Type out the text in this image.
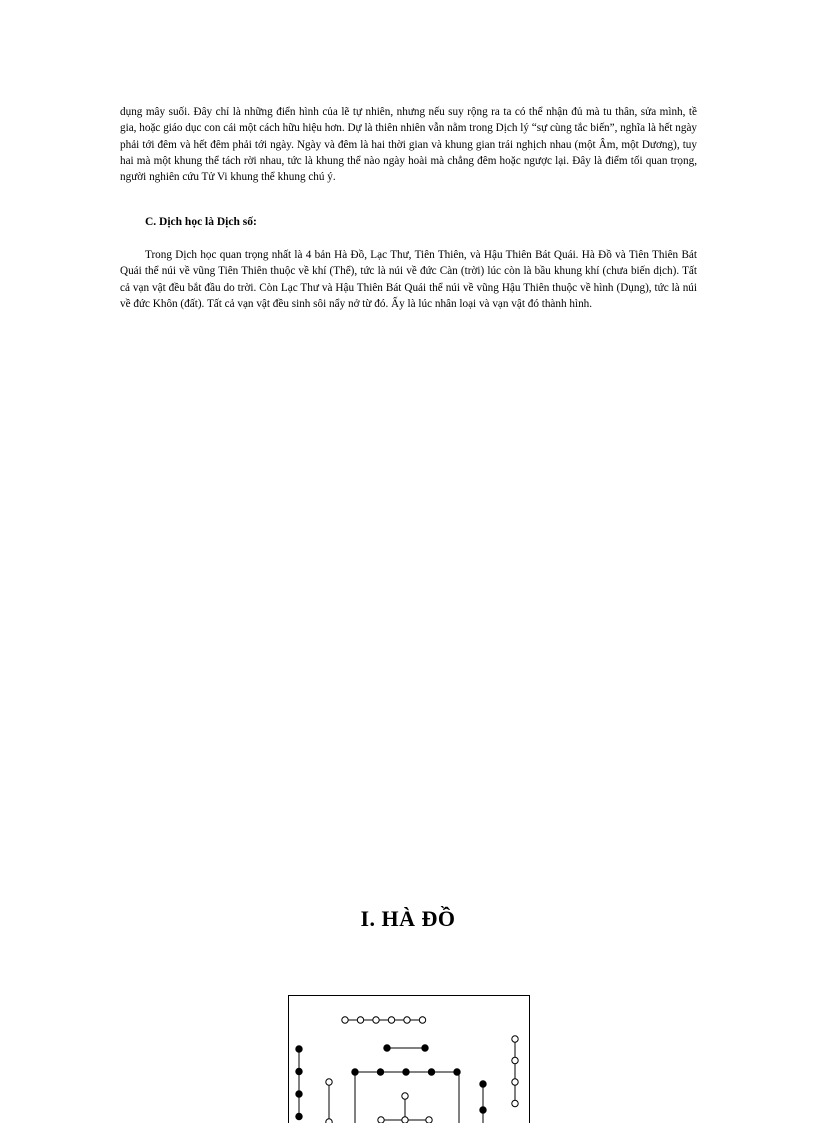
dụng mây suối. Đây chỉ là những điển hình của lẽ tự nhiên, nhưng nếu suy rộng ra ta có thể nhận đủ mà tu thân, sửa mình, tề gia, hoặc giáo dục con cái một cách hữu hiệu hơn. Dự là thiên nhiên vẫn nằm trong Dịch lý “sự cùng tắc biến”, nghĩa là hết ngày phải tới đêm và hết đêm phải tới ngày. Ngày và đêm là hai thời gian và khung gian trái nghịch nhau (một Âm, một Dương), tuy hai mà một khung thể tách rời nhau, tức là khung thể nào ngày hoài mà chẳng đêm hoặc ngược lại. Đây là điểm tối quan trọng, người nghiên cứu Tử Vi khung thể khung chú ý.

C. Dịch học là Dịch số:

Trong Dịch học quan trọng nhất là 4 bản Hà Đồ, Lạc Thư, Tiên Thiên, và Hậu Thiên Bát Quái. Hà Đồ và Tiên Thiên Bát Quái thể núi về vũng Tiên Thiên thuộc về khí (Thể), tức là núi về đức Càn (trời) lúc còn là bầu khung khí (chưa biến dịch). Tất cả vạn vật đều bắt đầu do trời. Còn Lạc Thư và Hậu Thiên Bát Quái thể núi về vũng Hậu Thiên thuộc về hình (Dụng), tức là núi về đức Khôn (đất). Tất cả vạn vật đều sinh sôi nẩy nở từ đó. Ấy là lúc nhân loại và vạn vật đó thành hình.

I. HÀ ĐỒ
